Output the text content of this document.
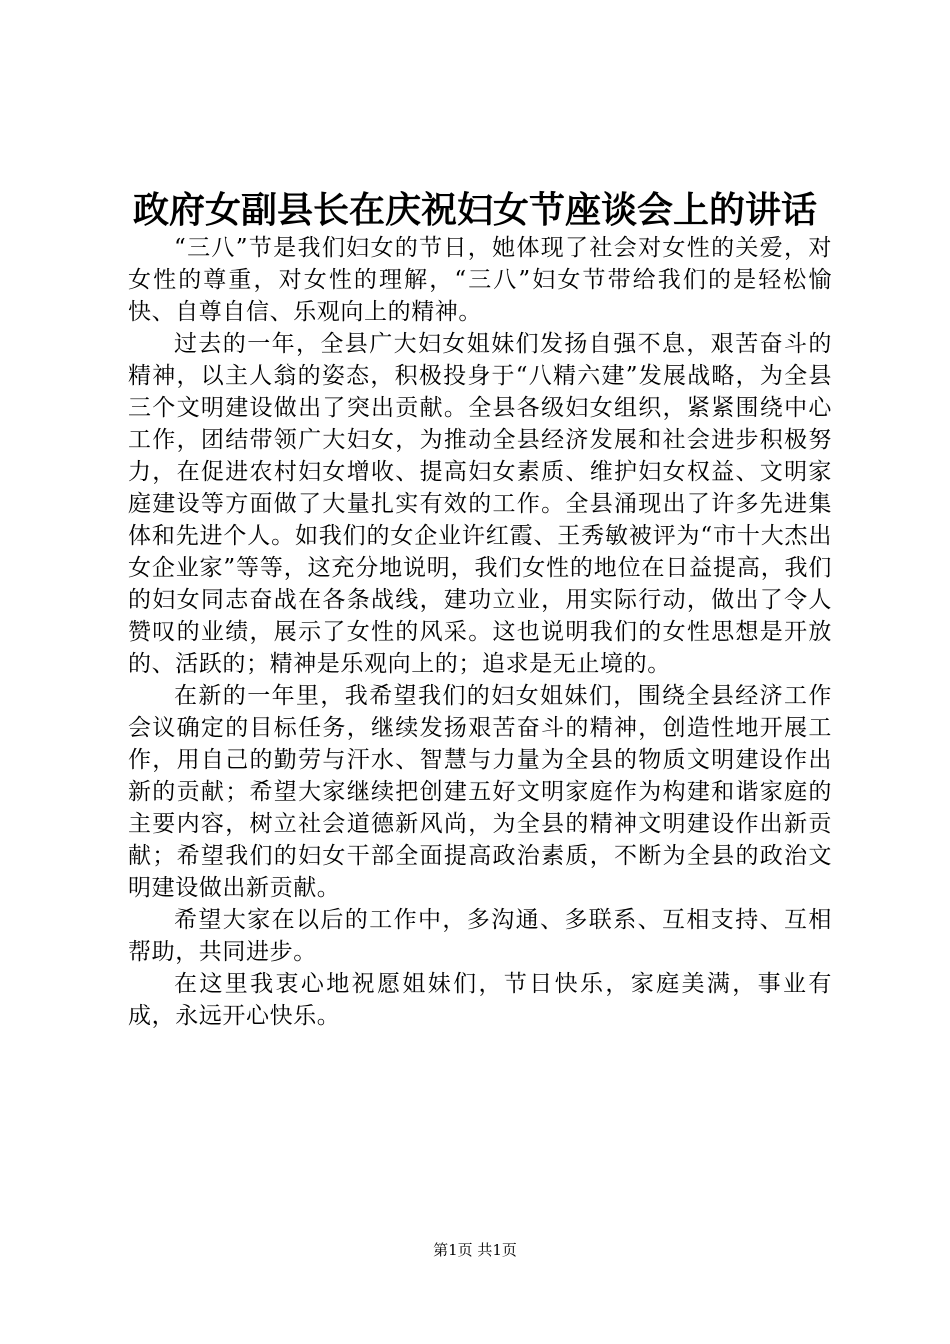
政府女副县长在庆祝妇女节座谈会上的讲话

“三八”节是我们妇女的节日，她体现了社会对女性的关爱，对女性的尊重，对女性的理解，“三八”妇女节带给我们的是轻松愉快、自尊自信、乐观向上的精神。

过去的一年，全县广大妇女姐妹们发扬自强不息，艰苦奋斗的精神，以主人翁的姿态，积极投身于“八精六建”发展战略，为全县三个文明建设做出了突出贡献。全县各级妇女组织，紧紧围绕中心工作，团结带领广大妇女，为推动全县经济发展和社会进步积极努力，在促进农村妇女增收、提高妇女素质、维护妇女权益、文明家庭建设等方面做了大量扎实有效的工作。全县涌现出了许多先进集体和先进个人。如我们的女企业许红霞、王秀敏被评为“市十大杰出女企业家”等等，这充分地说明，我们女性的地位在日益提高，我们的妇女同志奋战在各条战线，建功立业，用实际行动，做出了令人赞叹的业绩，展示了女性的风采。这也说明我们的女性思想是开放的、活跃的；精神是乐观向上的；追求是无止境的。

在新的一年里，我希望我们的妇女姐妹们，围绕全县经济工作会议确定的目标任务，继续发扬艰苦奋斗的精神，创造性地开展工作，用自己的勤劳与汗水、智慧与力量为全县的物质文明建设作出新的贡献；希望大家继续把创建五好文明家庭作为构建和谐家庭的主要内容，树立社会道德新风尚，为全县的精神文明建设作出新贡献；希望我们的妇女干部全面提高政治素质，不断为全县的政治文明建设做出新贡献。

希望大家在以后的工作中，多沟通、多联系、互相支持、互相帮助，共同进步。

在这里我衷心地祝愿姐妹们，节日快乐，家庭美满，事业有成，永远开心快乐。

第1页 共1页
